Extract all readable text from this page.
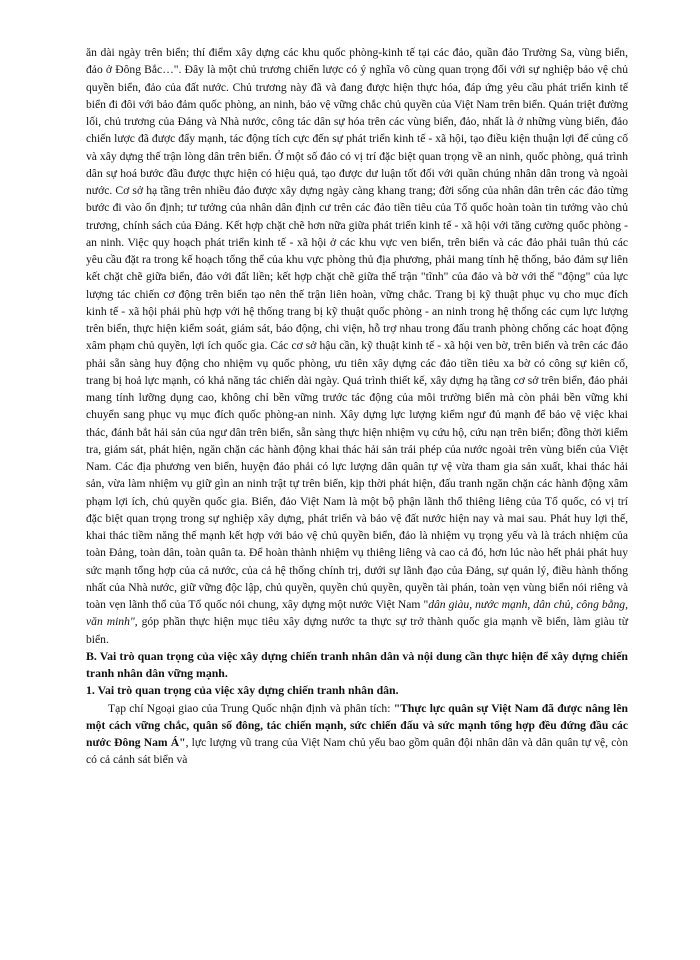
ăn dài ngày trên biển; thí điểm xây dựng các khu quốc phòng-kinh tế tại các đảo, quần đảo Trường Sa, vùng biển, đảo ở Đông Bắc…". Đây là một chủ trương chiến lược có ý nghĩa vô cùng quan trọng đối với sự nghiệp bảo vệ chủ quyền biển, đảo của đất nước. Chủ trương này đã và đang được hiện thực hóa, đáp ứng yêu cầu phát triển kinh tế biển đi đôi với bảo đảm quốc phòng, an ninh, bảo vệ vững chắc chủ quyền của Việt Nam trên biển. Quán triệt đường lối, chủ trương của Đảng và Nhà nước, công tác dân sự hóa trên các vùng biển, đảo, nhất là ở những vùng biển, đảo chiến lược đã được đẩy mạnh, tác động tích cực đến sự phát triển kinh tế - xã hội, tạo điều kiện thuận lợi để củng cố và xây dựng thế trận lòng dân trên biển. Ở một số đảo có vị trí đặc biệt quan trọng về an ninh, quốc phòng, quá trình dân sự hoá bước đầu được thực hiện có hiệu quả, tạo được dư luận tốt đối với quần chúng nhân dân trong và ngoài nước. Cơ sở hạ tầng trên nhiều đảo được xây dựng ngày càng khang trang; đời sống của nhân dân trên các đảo từng bước đi vào ổn định; tư tưởng của nhân dân định cư trên các đảo tiền tiêu của Tổ quốc hoàn toàn tin tưởng vào chủ trương, chính sách của Đảng. Kết hợp chặt chẽ hơn nữa giữa phát triển kinh tế - xã hội với tăng cường quốc phòng - an ninh. Việc quy hoạch phát triển kinh tế - xã hội ở các khu vực ven biển, trên biển và các đảo phải tuân thủ các yêu cầu đặt ra trong kế hoạch tổng thể của khu vực phòng thủ địa phương, phải mang tính hệ thống, bảo đảm sự liên kết chặt chẽ giữa biển, đảo với đất liền; kết hợp chặt chẽ giữa thế trận "tĩnh" của đảo và bờ với thế "động" của lực lượng tác chiến cơ động trên biển tạo nên thế trận liên hoàn, vững chắc. Trang bị kỹ thuật phục vụ cho mục đích kinh tế - xã hội phải phù hợp với hệ thống trang bị kỹ thuật quốc phòng - an ninh trong hệ thống các cụm lực lượng trên biển, thực hiện kiểm soát, giám sát, báo động, chi viện, hỗ trợ nhau trong đấu tranh phòng chống các hoạt động xâm phạm chủ quyền, lợi ích quốc gia. Các cơ sở hậu cần, kỹ thuật kinh tế - xã hội ven bờ, trên biển và trên các đảo phải sẵn sàng huy động cho nhiệm vụ quốc phòng, ưu tiên xây dựng các đảo tiền tiêu xa bờ có công sự kiên cố, trang bị hoả lực mạnh, có khả năng tác chiến dài ngày. Quá trình thiết kế, xây dựng hạ tầng cơ sở trên biển, đảo phải mang tính lưỡng dụng cao, không chỉ bền vững trước tác động của môi trường biển mà còn phải bền vững khi chuyển sang phục vụ mục đích quốc phòng-an ninh. Xây dựng lực lượng kiểm ngư đủ mạnh để bảo vệ việc khai thác, đánh bắt hải sản của ngư dân trên biển, sẵn sàng thực hiện nhiệm vụ cứu hộ, cứu nạn trên biển; đồng thời kiểm tra, giám sát, phát hiện, ngăn chặn các hành động khai thác hải sản trái phép của nước ngoài trên vùng biển của Việt Nam. Các địa phương ven biển, huyện đảo phải có lực lượng dân quân tự vệ vừa tham gia sản xuất, khai thác hải sản, vừa làm nhiệm vụ giữ gìn an ninh trật tự trên biển, kịp thời phát hiện, đấu tranh ngăn chặn các hành động xâm phạm lợi ích, chủ quyền quốc gia. Biển, đảo Việt Nam là một bộ phận lãnh thổ thiêng liêng của Tổ quốc, có vị trí đặc biệt quan trọng trong sự nghiệp xây dựng, phát triển và bảo vệ đất nước hiện nay và mai sau. Phát huy lợi thế, khai thác tiềm năng thế mạnh kết hợp với bảo vệ chủ quyền biển, đảo là nhiệm vụ trọng yếu và là trách nhiệm của toàn Đảng, toàn dân, toàn quân ta. Để hoàn thành nhiệm vụ thiêng liêng và cao cả đó, hơn lúc nào hết phải phát huy sức mạnh tổng hợp của cả nước, của cả hệ thống chính trị, dưới sự lãnh đạo của Đảng, sự quản lý, điều hành thống nhất của Nhà nước, giữ vững độc lập, chủ quyền, quyền chủ quyền, quyền tài phán, toàn vẹn vùng biển nói riêng và toàn vẹn lãnh thổ của Tổ quốc nói chung, xây dựng một nước Việt Nam "dân giàu, nước mạnh, dân chủ, công bằng, văn minh", góp phần thực hiện mục tiêu xây dựng nước ta thực sự trở thành quốc gia mạnh về biển, làm giàu từ biển.

B. Vai trò quan trọng của việc xây dựng chiến tranh nhân dân và nội dung cần thực hiện để xây dựng chiến tranh nhân dân vững mạnh.

1. Vai trò quan trọng của việc xây dựng chiến tranh nhân dân.

Tạp chí Ngoại giao của Trung Quốc nhận định và phân tích: "Thực lực quân sự Việt Nam đã được nâng lên một cách vững chắc, quân số đông, tác chiến mạnh, sức chiến đấu và sức mạnh tổng hợp đều đứng đầu các nước Đông Nam Á", lực lượng vũ trang của Việt Nam chủ yếu bao gồm quân đội nhân dân và dân quân tự vệ, còn có cả cảnh sát biển và
